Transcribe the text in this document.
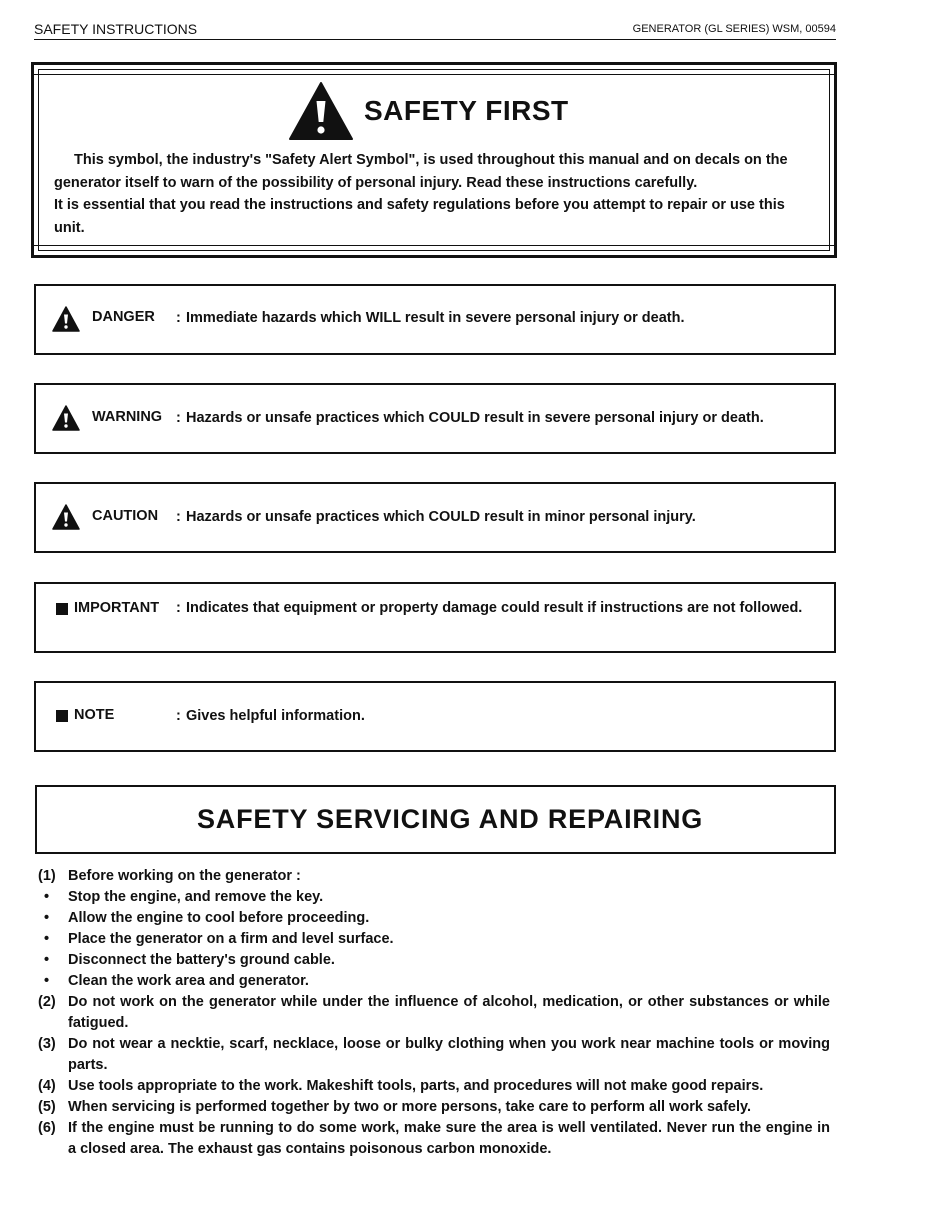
SAFETY INSTRUCTIONS	GENERATOR (GL SERIES) WSM, 00594
SAFETY FIRST

This symbol, the industry's "Safety Alert Symbol", is used throughout this manual and on decals on the generator itself to warn of the possibility of personal injury. Read these instructions carefully.

It is essential that you read the instructions and safety regulations before you attempt to repair or use this unit.

DANGER : Immediate hazards which WILL result in severe personal injury or death.
WARNING : Hazards or unsafe practices which COULD result in severe personal injury or death.
CAUTION : Hazards or unsafe practices which COULD result in minor personal injury.
IMPORTANT : Indicates that equipment or property damage could result if instructions are not followed.
NOTE	: Gives helpful information.
SAFETY SERVICING AND REPAIRING
(1) Before working on the generator :
• Stop the engine, and remove the key.
• Allow the engine to cool before proceeding.
• Place the generator on a firm and level surface.
• Disconnect the battery's ground cable.
• Clean the work area and generator.
(2) Do not work on the generator while under the influence of alcohol, medication, or other substances or while fatigued.
(3) Do not wear a necktie, scarf, necklace, loose or bulky clothing when you work near machine tools or moving parts.
(4) Use tools appropriate to the work. Makeshift tools, parts, and procedures will not make good repairs.
(5) When servicing is performed together by two or more persons, take care to perform all work safely.
(6) If the engine must be running to do some work, make sure the area is well ventilated. Never run the engine in a closed area. The exhaust gas contains poisonous carbon monoxide.
